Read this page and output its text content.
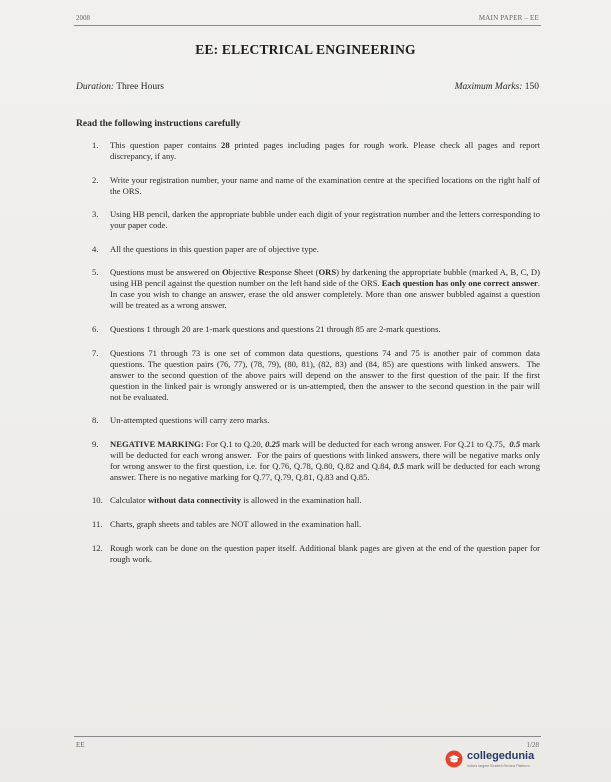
2008	MAIN PAPER – EE
EE: ELECTRICAL ENGINEERING
Duration: Three Hours	Maximum Marks: 150
Read the following instructions carefully
1. This question paper contains 28 printed pages including pages for rough work. Please check all pages and report discrepancy, if any.
2. Write your registration number, your name and name of the examination centre at the specified locations on the right half of the ORS.
3. Using HB pencil, darken the appropriate bubble under each digit of your registration number and the letters corresponding to your paper code.
4. All the questions in this question paper are of objective type.
5. Questions must be answered on Objective Response Sheet (ORS) by darkening the appropriate bubble (marked A, B, C, D) using HB pencil against the question number on the left hand side of the ORS. Each question has only one correct answer. In case you wish to change an answer, erase the old answer completely. More than one answer bubbled against a question will be treated as a wrong answer.
6. Questions 1 through 20 are 1-mark questions and questions 21 through 85 are 2-mark questions.
7. Questions 71 through 73 is one set of common data questions, questions 74 and 75 is another pair of common data questions. The question pairs (76, 77), (78, 79), (80, 81), (82, 83) and (84, 85) are questions with linked answers.  The answer to the second question of the above pairs will depend on the answer to the first question of the pair. If the first question in the linked pair is wrongly answered or is un-attempted, then the answer to the second question in the pair will not be evaluated.
8. Un-attempted questions will carry zero marks.
9. NEGATIVE MARKING: For Q.1 to Q.20, 0.25 mark will be deducted for each wrong answer. For Q.21 to Q.75,  0.5 mark will be deducted for each wrong answer.  For the pairs of questions with linked answers, there will be negative marks only for wrong answer to the first question, i.e. for Q.76, Q.78, Q.80, Q.82 and Q.84, 0.5 mark will be deducted for each wrong answer. There is no negative marking for Q.77, Q.79, Q.81, Q.83 and Q.85.
10. Calculator without data connectivity is allowed in the examination hall.
11. Charts, graph sheets and tables are NOT allowed in the examination hall.
12. Rough work can be done on the question paper itself. Additional blank pages are given at the end of the question paper for rough work.
EE	1/28
collegedunia
India's largest Student Review Platform
